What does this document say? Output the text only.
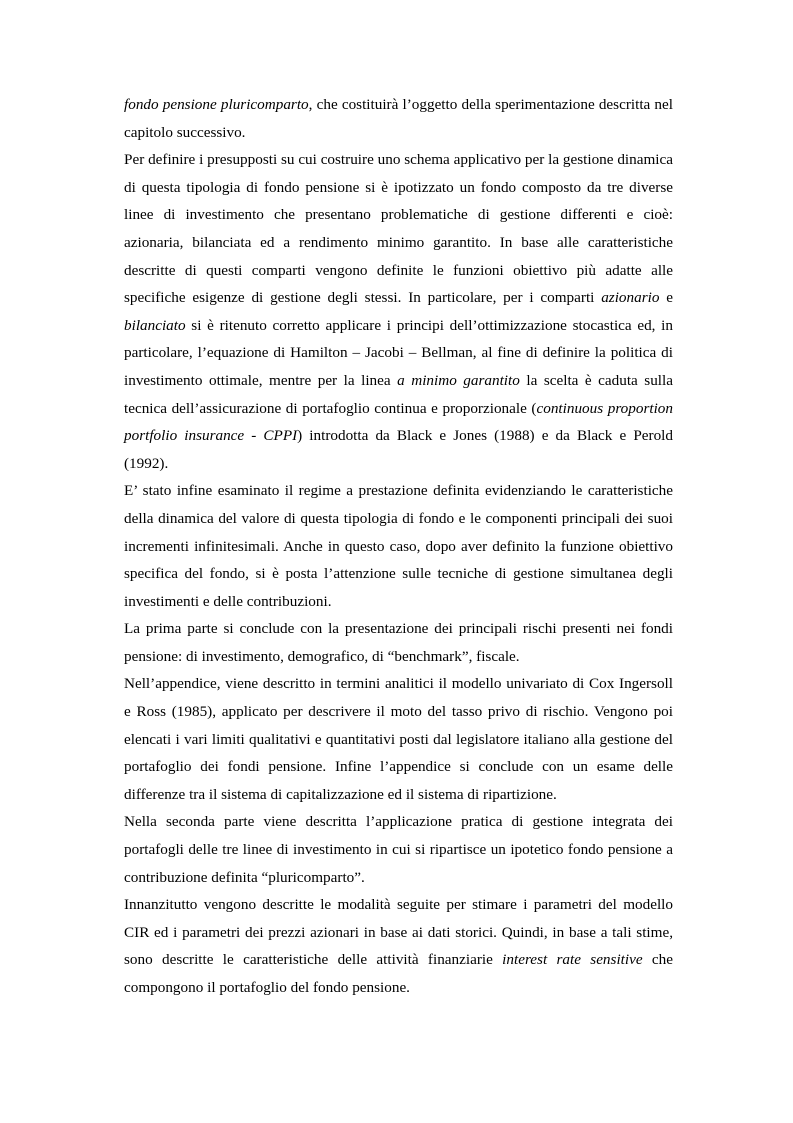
fondo pensione pluricomparto, che costituirà l’oggetto della sperimentazione descritta nel capitolo successivo.

Per definire i presupposti su cui costruire uno schema applicativo per la gestione dinamica di questa tipologia di fondo pensione si è ipotizzato un fondo composto da tre diverse linee di investimento che presentano problematiche di gestione differenti e cioè: azionaria, bilanciata ed a rendimento minimo garantito. In base alle caratteristiche descritte di questi comparti vengono definite le funzioni obiettivo più adatte alle specifiche esigenze di gestione degli stessi. In particolare, per i comparti azionario e bilanciato si è ritenuto corretto applicare i principi dell’ottimizzazione stocastica ed, in particolare, l’equazione di Hamilton – Jacobi – Bellman, al fine di definire la politica di investimento ottimale, mentre per la linea a minimo garantito la scelta è caduta sulla tecnica dell’assicurazione di portafoglio continua e proporzionale (continuous proportion portfolio insurance - CPPI) introdotta da Black e Jones (1988) e da Black e Perold (1992).

E’ stato infine esaminato il regime a prestazione definita evidenziando le caratteristiche della dinamica del valore di questa tipologia di fondo e le componenti principali dei suoi incrementi infinitesimali. Anche in questo caso, dopo aver definito la funzione obiettivo specifica del fondo, si è posta l’attenzione sulle tecniche di gestione simultanea degli investimenti e delle contribuzioni.

La prima parte si conclude con la presentazione dei principali rischi presenti nei fondi pensione: di investimento, demografico, di “benchmark”, fiscale.

Nell’appendice, viene descritto in termini analitici il modello univariato di Cox Ingersoll e Ross (1985), applicato per descrivere il moto del tasso privo di rischio. Vengono poi elencati i vari limiti qualitativi e quantitativi posti dal legislatore italiano alla gestione del portafoglio dei fondi pensione. Infine l’appendice si conclude con un esame delle differenze tra il sistema di capitalizzazione ed il sistema di ripartizione.

Nella seconda parte viene descritta l’applicazione pratica di gestione integrata dei portafogli delle tre linee di investimento in cui si ripartisce un ipotetico fondo pensione a contribuzione definita “pluricomparto”.

Innanzitutto vengono descritte le modalità seguite per stimare i parametri del modello CIR ed i parametri dei prezzi azionari in base ai dati storici. Quindi, in base a tali stime, sono descritte le caratteristiche delle attività finanziarie interest rate sensitive che compongono il portafoglio del fondo pensione.
